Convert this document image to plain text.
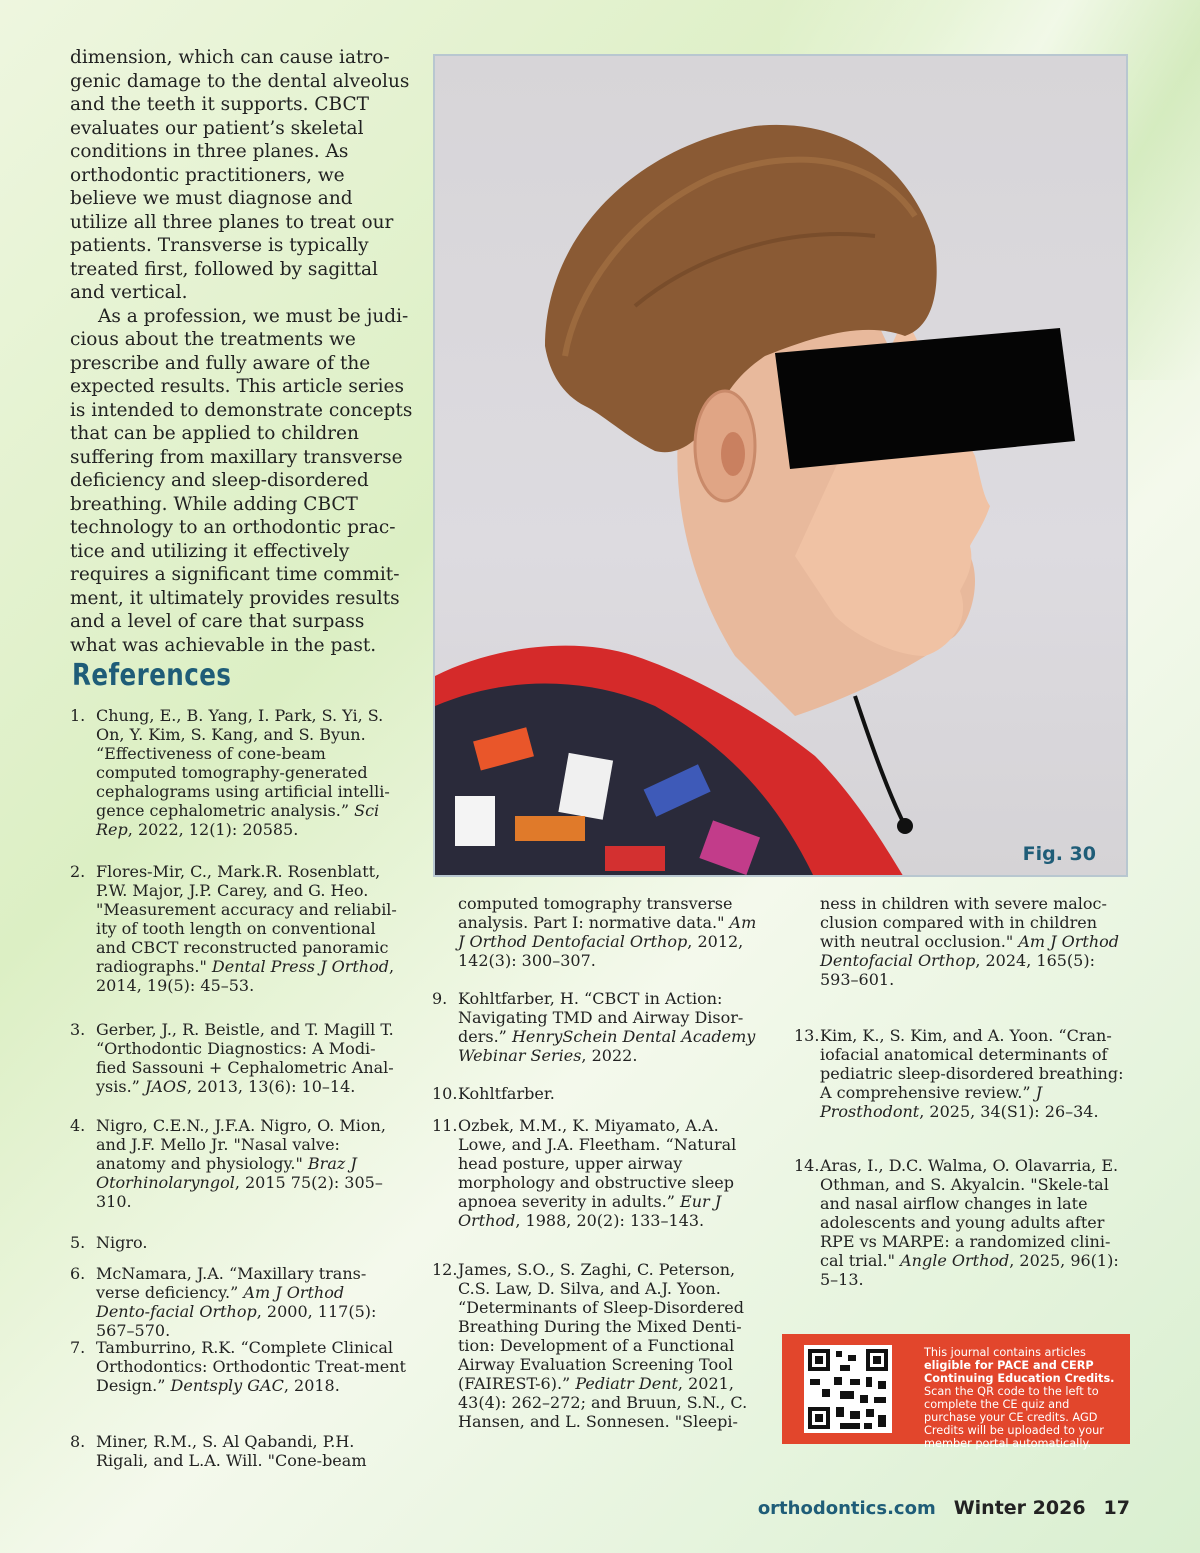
dimension, which can cause iatro-genic damage to the dental alveolus and the teeth it supports. CBCT evaluates our patient’s skeletal conditions in three planes. As orthodontic practitioners, we believe we must diagnose and utilize all three planes to treat our patients. Transverse is typically treated first, followed by sagittal and vertical.

As a profession, we must be judi-cious about the treatments we prescribe and fully aware of the expected results. This article series is intended to demonstrate concepts that can be applied to children suffering from maxillary transverse deficiency and sleep-disordered breathing. While adding CBCT technology to an orthodontic prac-tice and utilizing it effectively requires a significant time commit-ment, it ultimately provides results and a level of care that surpass what was achievable in the past.

References
1. Chung, E., B. Yang, I. Park, S. Yi, S. On, Y. Kim, S. Kang, and S. Byun. “Effectiveness of cone-beam computed tomography-generated cephalograms using artificial intelli-gence cephalometric analysis.” Sci Rep, 2022, 12(1): 20585.
2. Flores-Mir, C., Mark.R. Rosenblatt, P.W. Major, J.P. Carey, and G. Heo. "Measurement accuracy and reliabil-ity of tooth length on conventional and CBCT reconstructed panoramic radiographs." Dental Press J Orthod, 2014, 19(5): 45–53.
3. Gerber, J., R. Beistle, and T. Magill T. “Orthodontic Diagnostics: A Modi-fied Sassouni + Cephalometric Anal-ysis.” JAOS, 2013, 13(6): 10–14.
4. Nigro, C.E.N., J.F.A. Nigro, O. Mion, and J.F. Mello Jr. "Nasal valve: anatomy and physiology." Braz J Otorhinolaryngol, 2015 75(2): 305–310.
5. Nigro.
6. McNamara, J.A. “Maxillary trans-verse deficiency.” Am J Orthod Dento-facial Orthop, 2000, 117(5): 567–570.
7. Tamburrino, R.K. “Complete Clinical Orthodontics: Orthodontic Treat-ment Design.” Dentsply GAC, 2018.
8. Miner, R.M., S. Al Qabandi, P.H. Rigali, and L.A. Will. "Cone-beam
computed tomography transverse analysis. Part I: normative data." Am J Orthod Dentofacial Orthop, 2012, 142(3): 300–307.
9. Kohltfarber, H. “CBCT in Action: Navigating TMD and Airway Disor-ders.” HenrySchein Dental Academy Webinar Series, 2022.
10. Kohltfarber.
11. Ozbek, M.M., K. Miyamato, A.A. Lowe, and J.A. Fleetham. “Natural head posture, upper airway morphology and obstructive sleep apnoea severity in adults.” Eur J Orthod, 1988, 20(2): 133–143.
12. James, S.O., S. Zaghi, C. Peterson, C.S. Law, D. Silva, and A.J. Yoon. “Determinants of Sleep-Disordered Breathing During the Mixed Denti-tion: Development of a Functional Airway Evaluation Screening Tool (FAIREST-6).” Pediatr Dent, 2021, 43(4): 262–272; and Bruun, S.N., C. Hansen, and L. Sonnesen. "Sleepi-
ness in children with severe maloc-clusion compared with in children with neutral occlusion." Am J Orthod Dentofacial Orthop, 2024, 165(5): 593–601.
13. Kim, K., S. Kim, and A. Yoon. “Cran-iofacial anatomical determinants of pediatric sleep-disordered breathing: A comprehensive review.” J Prosthodont, 2025, 34(S1): 26–34.
14. Aras, I., D.C. Walma, O. Olavarria, E. Othman, and S. Akyalcin. "Skele-tal and nasal airflow changes in late adolescents and young adults after RPE vs MARPE: a randomized clini-cal trial." Angle Orthod, 2025, 96(1): 5–13.
Fig. 30
This journal contains articles
eligible for PACE and CERP Continuing Education Credits.
Scan the QR code to the left to complete the CE quiz and purchase your CE credits. AGD Credits will be uploaded to your member portal automatically.
orthodontics.com Winter 2026 17
